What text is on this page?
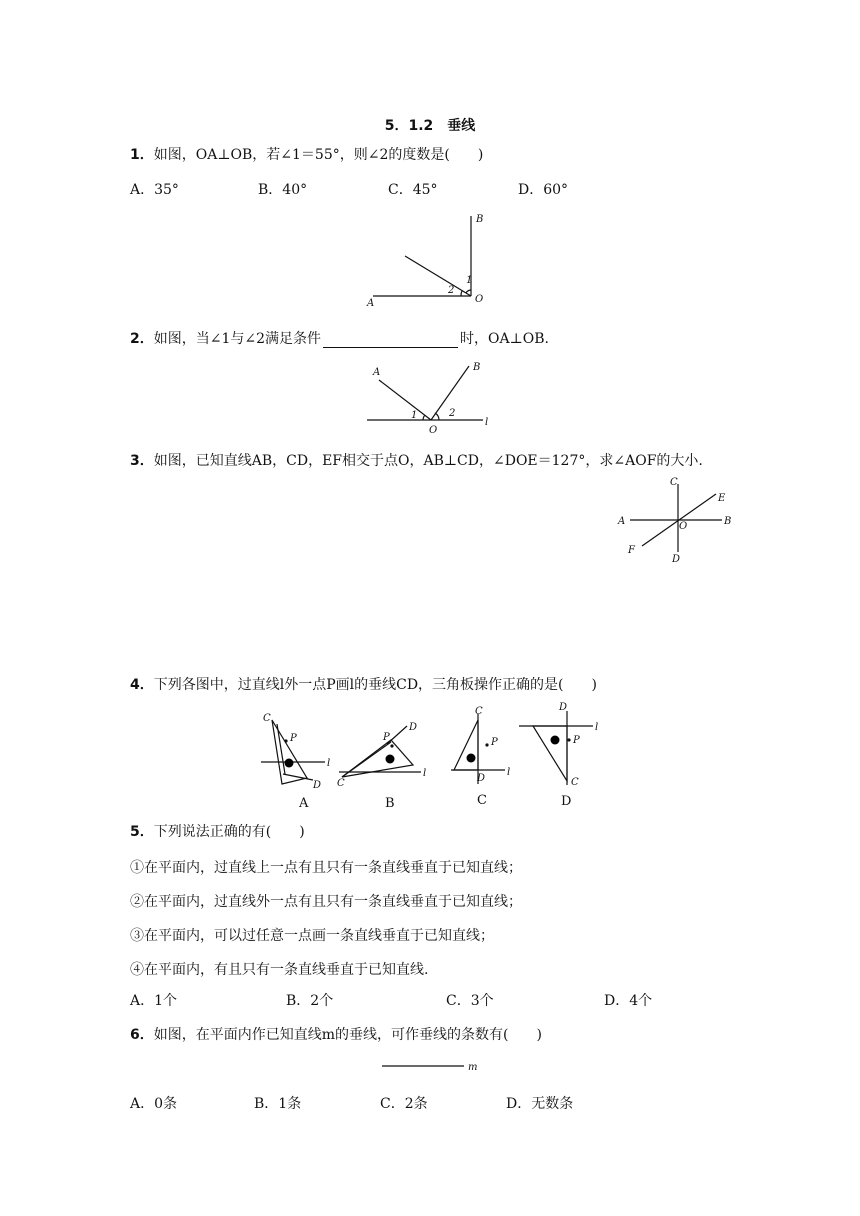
5．1.2　垂线
1．如图，OA⊥OB，若∠1＝55°，则∠2的度数是(　　)
A．35°	B．40°	C．45°	D．60°
B
A	O
1
2
2．如图，当∠1与∠2满足条件	时，OA⊥OB.
A	B
O
l
1	2
3．如图，已知直线AB，CD，EF相交于点O，AB⊥CD，∠DOE＝127°，求∠AOF的大小.
C
E
A	B
O
F
D
4．下列各图中，过直线l外一点P画l的垂线CD，三角板操作正确的是(　　)
C
P
l
D
A
D
P
l
C
B
C
P
l
D
C
D
P
l
C
D
5．下列说法正确的有(　　)
①在平面内，过直线上一点有且只有一条直线垂直于已知直线；
②在平面内，过直线外一点有且只有一条直线垂直于已知直线；
③在平面内，可以过任意一点画一条直线垂直于已知直线；
④在平面内，有且只有一条直线垂直于已知直线.
A．1个	B．2个	C．3个	D．4个
6．如图，在平面内作已知直线m的垂线，可作垂线的条数有(　　)
m
A．0条	B．1条	C．2条	D．无数条
